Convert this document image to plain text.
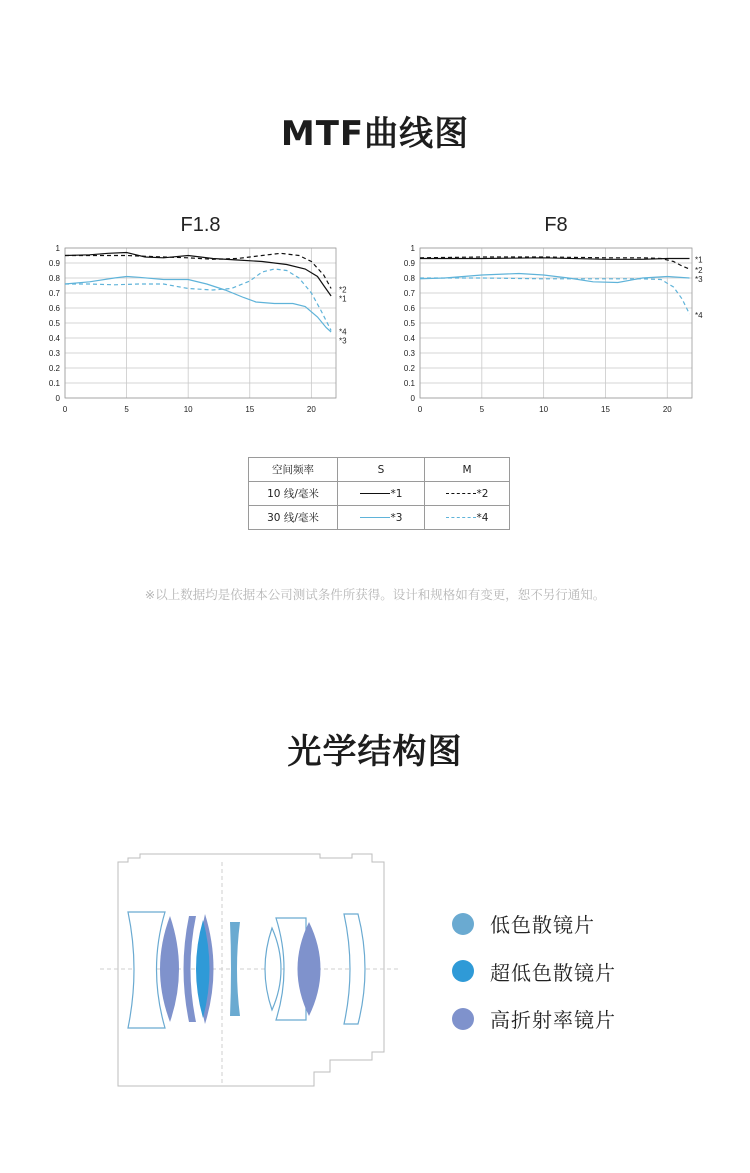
MTF曲线图
F1.8
0
0.1
0.2
0.3
0.4
0.5
0.6
0.7
0.8
0.9
1
0	5	10	15	20
*2
*1
*4
*3
F8
0
0.1
0.2
0.3
0.4
0.5
0.6
0.7
0.8
0.9
1
0	5	10	15	20
*1
*2
*3
*4
空间频率	S	M
10 线/毫米	*1	*2
30 线/毫米	*3	*4
※以上数据均是依据本公司测试条件所获得。设计和规格如有变更，恕不另行通知。
光学结构图
低色散镜片
超低色散镜片
高折射率镜片
